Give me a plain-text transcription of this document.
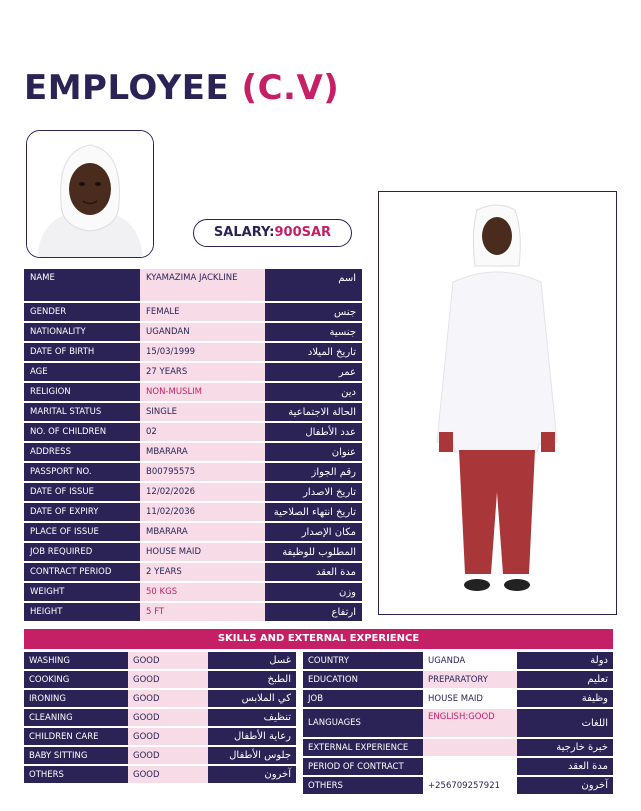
EMPLOYEE (C.V)
SALARY:900SAR
NAME	KYAMAZIMA JACKLINE	اسم
GENDER	FEMALE	جنس
NATIONALITY	UGANDAN	جنسية
DATE OF BIRTH	15/03/1999	تاريخ الميلاد
AGE	27 YEARS	عمر
RELIGION	NON-MUSLIM	دين
MARITAL STATUS	SINGLE	الحالة الاجتماعية
NO. OF CHILDREN	02	عدد الأطفال
ADDRESS	MBARARA	عنوان
PASSPORT NO.	B00795575	رقم الجواز
DATE OF ISSUE	12/02/2026	تاريخ الاصدار
DATE OF EXPIRY	11/02/2036	تاريخ انتهاء الصلاحية
PLACE OF ISSUE	MBARARA	مكان الإصدار
JOB REQUIRED	HOUSE MAID	المطلوب للوظيفة
CONTRACT PERIOD	2 YEARS	مدة العقد
WEIGHT	50 KGS	وزن
HEIGHT	5 FT	ارتفاع
SKILLS AND EXTERNAL EXPERIENCE
WASHING	GOOD	غسل
COOKING	GOOD	الطبخ
IRONING	GOOD	كي الملابس
CLEANING	GOOD	تنظيف
CHILDREN CARE	GOOD	رعاية الأطفال
BABY SITTING	GOOD	جلوس الأطفال
OTHERS	GOOD	آخرون
COUNTRY	UGANDA	دولة
EDUCATION	PREPARATORY	تعليم
JOB	HOUSE MAID	وظيفة
LANGUAGES	ENGLISH:GOOD	اللغات
EXTERNAL EXPERIENCE		خبرة خارجية
PERIOD OF CONTRACT		مدة العقد
OTHERS	+256709257921	آخرون
